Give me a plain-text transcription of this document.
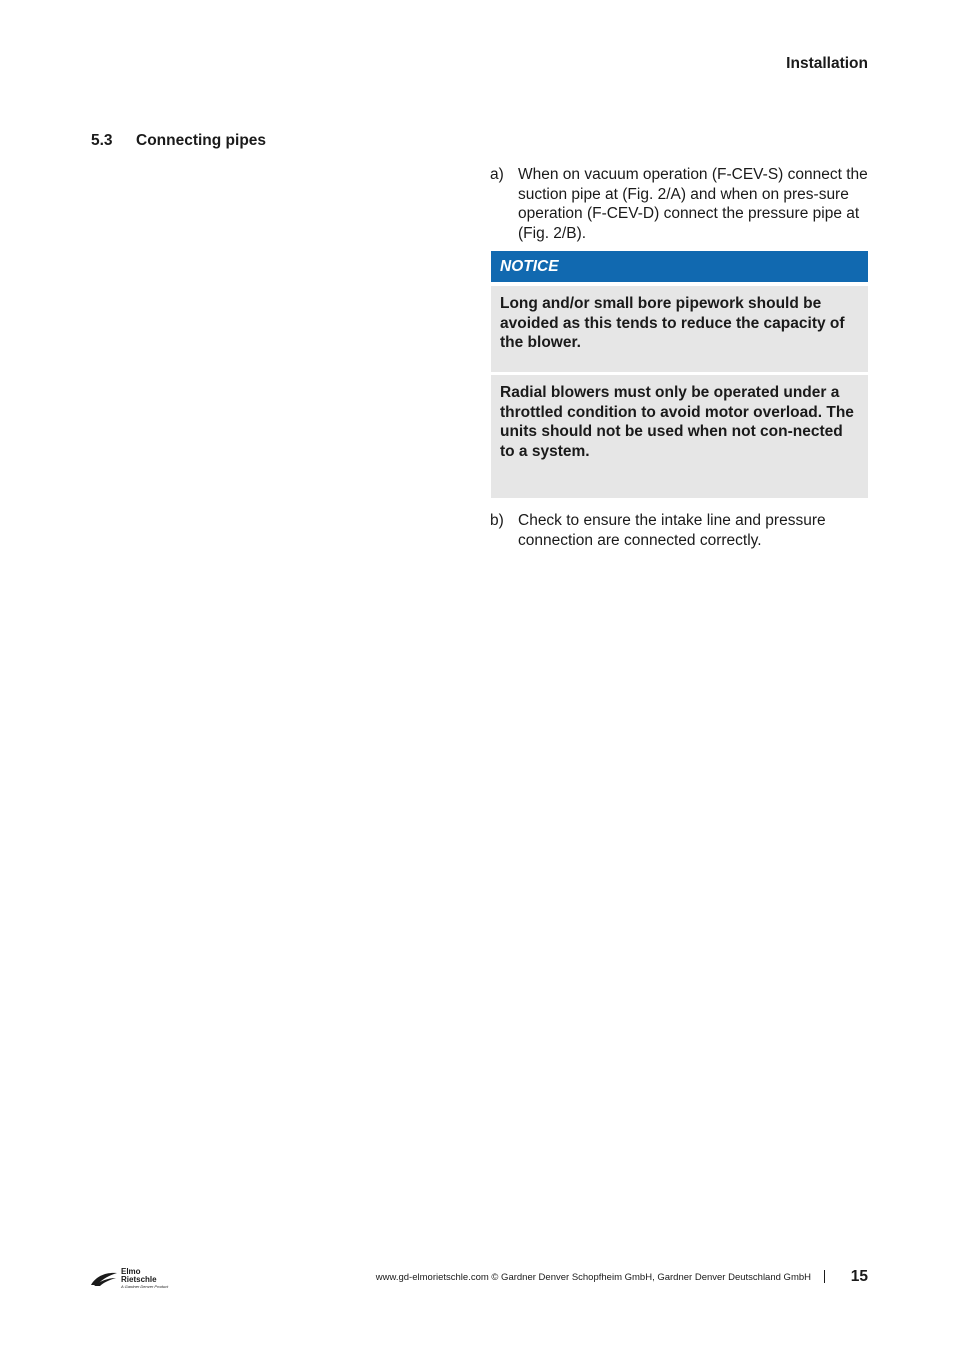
Installation
5.3 Connecting pipes
a) When on vacuum operation (F-CEV-S) connect the suction pipe at (Fig. 2/A) and when on pres-sure operation (F-CEV-D) connect the pressure pipe at (Fig. 2/B).
NOTICE
Long and/or small bore pipework should be avoided as this tends to reduce the capacity of the blower.
Radial blowers must only be operated under a throttled condition to avoid motor overload. The units should not be used when not con-nected to a system.
b) Check to ensure the intake line and pressure connection are connected correctly.
Elmo
Rietschle
A Gardner Denver Product
www.gd-elmorietschle.com © Gardner Denver Schopfheim GmbH, Gardner Denver Deutschland GmbH	15
